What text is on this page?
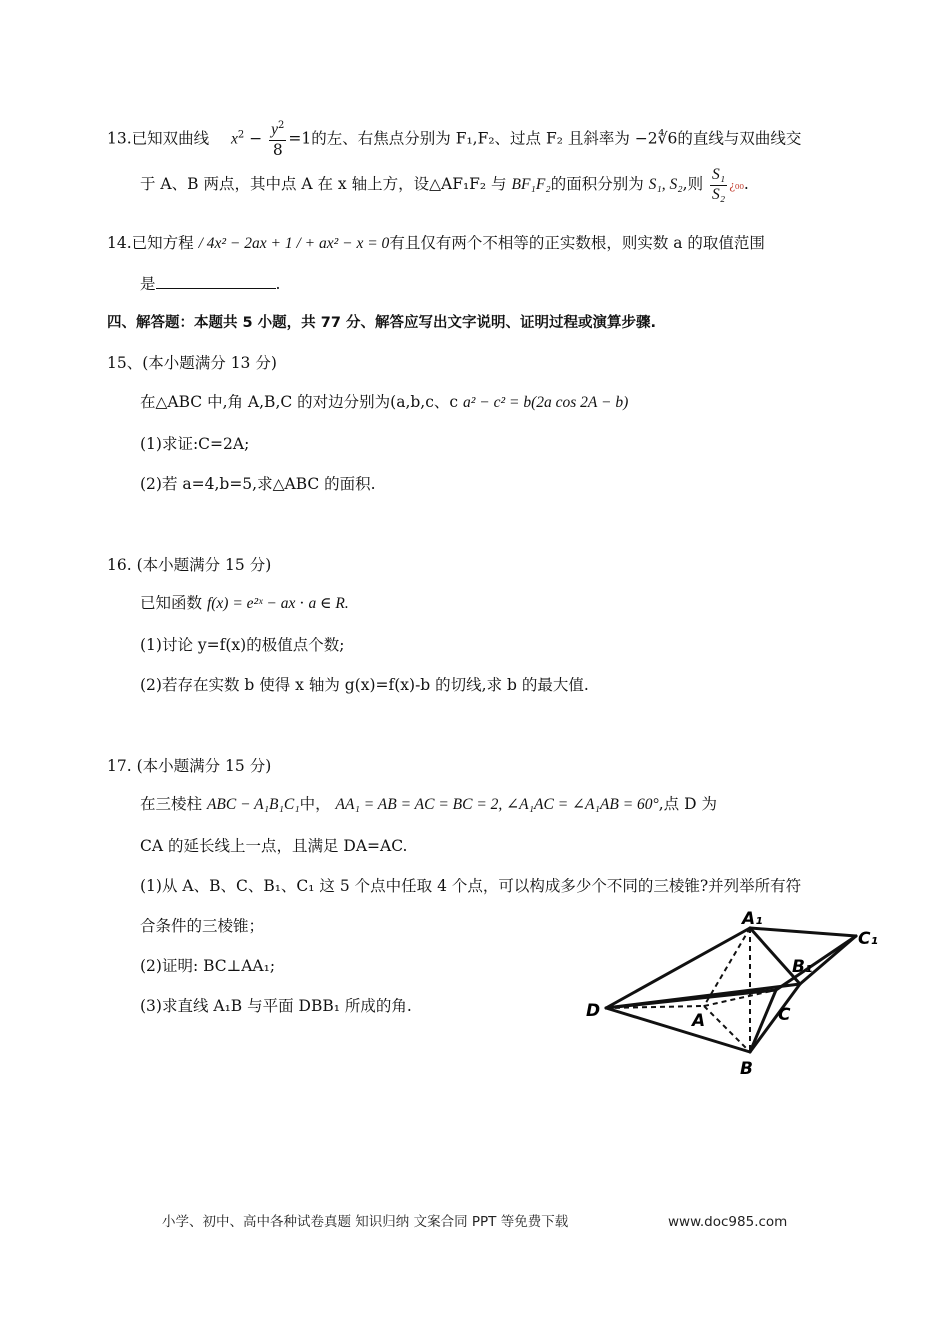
13.已知双曲线 $x^2 - \frac{y^2}{8} =1$的左、右焦点分别为 F₁,F₂、过点 F₂ 且斜率为 −2∜6的直线与双曲线交
于 A、B 两点，其中点 A 在 x 轴上方，设△AF₁F₂ 与 BF₁F₂的面积分别为 S₁, S₂,则 $\frac{\text{S₁}}{\text{S₂}}$ ¿₀₀.
14.已知方程 / 4x² − 2ax + 1 / + ax² − x = 0有且仅有两个不相等的正实数根，则实数 a 的取值范围
是	.
四、解答题：本题共 5 小题，共 77 分、解答应写出文字说明、证明过程或演算步骤.
15、(本小题满分 13 分)
在△ABC 中,角 A,B,C 的对边分别为(a,b,c、c a² − c² = b(2a cos 2A − b)
(1)求证:C=2A;
(2)若 a=4,b=5,求△ABC 的面积.
16. (本小题满分 15 分)
已知函数 f(x) = e²ˣ − ax ⋅ a ∈ R.
(1)讨论 y=f(x)的极值点个数;
(2)若存在实数 b 使得 x 轴为 g(x)=f(x)-b 的切线,求 b 的最大值.
17. (本小题满分 15 分)
在三棱柱 ABC − A₁B₁C₁中， AA₁ = AB = AC = BC = 2, ∠A₁AC = ∠A₁AB = 60°,点 D 为
CA 的延长线上一点，且满足 DA=AC.
(1)从 A、B、C、B₁、C₁ 这 5 个点中任取 4 个点，可以构成多少个不同的三棱锥?并列举所有符
合条件的三棱锥；
(2)证明: BC⊥AA₁;
(3)求直线 A₁B 与平面 DBB₁ 所成的角.
A₁
C₁
B₁
D	A	C
B
小学、初中、高中各种试卷真题 知识归纳 文案合同 PPT 等免费下载	www.doc985.com
